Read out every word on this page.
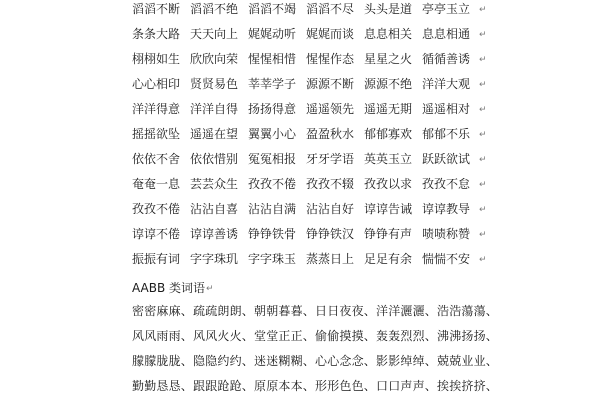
滔滔不断 滔滔不绝 滔滔不竭 滔滔不尽 头头是道 亭亭玉立 ↵
条条大路 天天向上 娓娓动听 娓娓而谈 息息相关 息息相通 ↵
栩栩如生 欣欣向荣 惺惺相惜 惺惺作态 星星之火 循循善诱 ↵
心心相印 贤贤易色 莘莘学子 源源不断 源源不绝 洋洋大观 ↵
洋洋得意 洋洋自得 扬扬得意 遥遥领先 遥遥无期 遥遥相对 ↵
摇摇欲坠 遥遥在望 翼翼小心 盈盈秋水 郁郁寡欢 郁郁不乐 ↵
依依不舍 依依惜别 冤冤相报 牙牙学语 英英玉立 跃跃欲试 ↵
奄奄一息 芸芸众生 孜孜不倦 孜孜不辍 孜孜以求 孜孜不怠 ↵
孜孜不倦 沾沾自喜 沾沾自满 沾沾自好 谆谆告诫 谆谆教导 ↵
谆谆不倦 谆谆善诱 铮铮铁骨 铮铮铁汉 铮铮有声 啧啧称赞 ↵
振振有词 字字珠玑 字字珠玉 蒸蒸日上 足足有余 惴惴不安 ↵
AABB 类词语↵
密密麻麻、疏疏朗朗、朝朝暮暮、日日夜夜、洋洋灑灑、浩浩蕩蕩、
风风雨雨、风风火火、堂堂正正、偷偷摸摸、轰轰烈烈、沸沸扬扬、
朦朦胧胧、隐隐约约、迷迷糊糊、心心念念、影影绰绰、兢兢业业、
勤勤恳恳、跟跟跄跄、原原本本、形形色色、口口声声、挨挨挤挤、
